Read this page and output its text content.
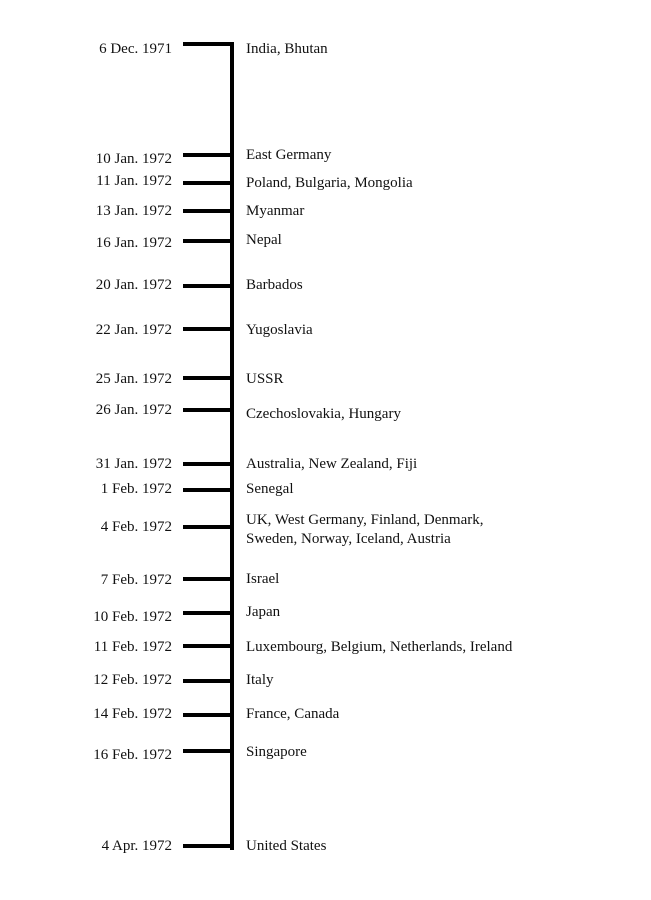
6 Dec. 1971	India, Bhutan
10 Jan. 1972	East Germany
11 Jan. 1972	Poland, Bulgaria, Mongolia
13 Jan. 1972	Myanmar
16 Jan. 1972	Nepal
20 Jan. 1972	Barbados
22 Jan. 1972	Yugoslavia
25 Jan. 1972	USSR
26 Jan. 1972	Czechoslovakia, Hungary
31 Jan. 1972	Australia, New Zealand, Fiji
1 Feb. 1972	Senegal
4 Feb. 1972	UK, West Germany, Finland, Denmark,
Sweden, Norway, Iceland, Austria
7 Feb. 1972	Israel
10 Feb. 1972	Japan
11 Feb. 1972	Luxembourg, Belgium, Netherlands, Ireland
12 Feb. 1972	Italy
14 Feb. 1972	France, Canada
16 Feb. 1972	Singapore
4 Apr. 1972	United States
